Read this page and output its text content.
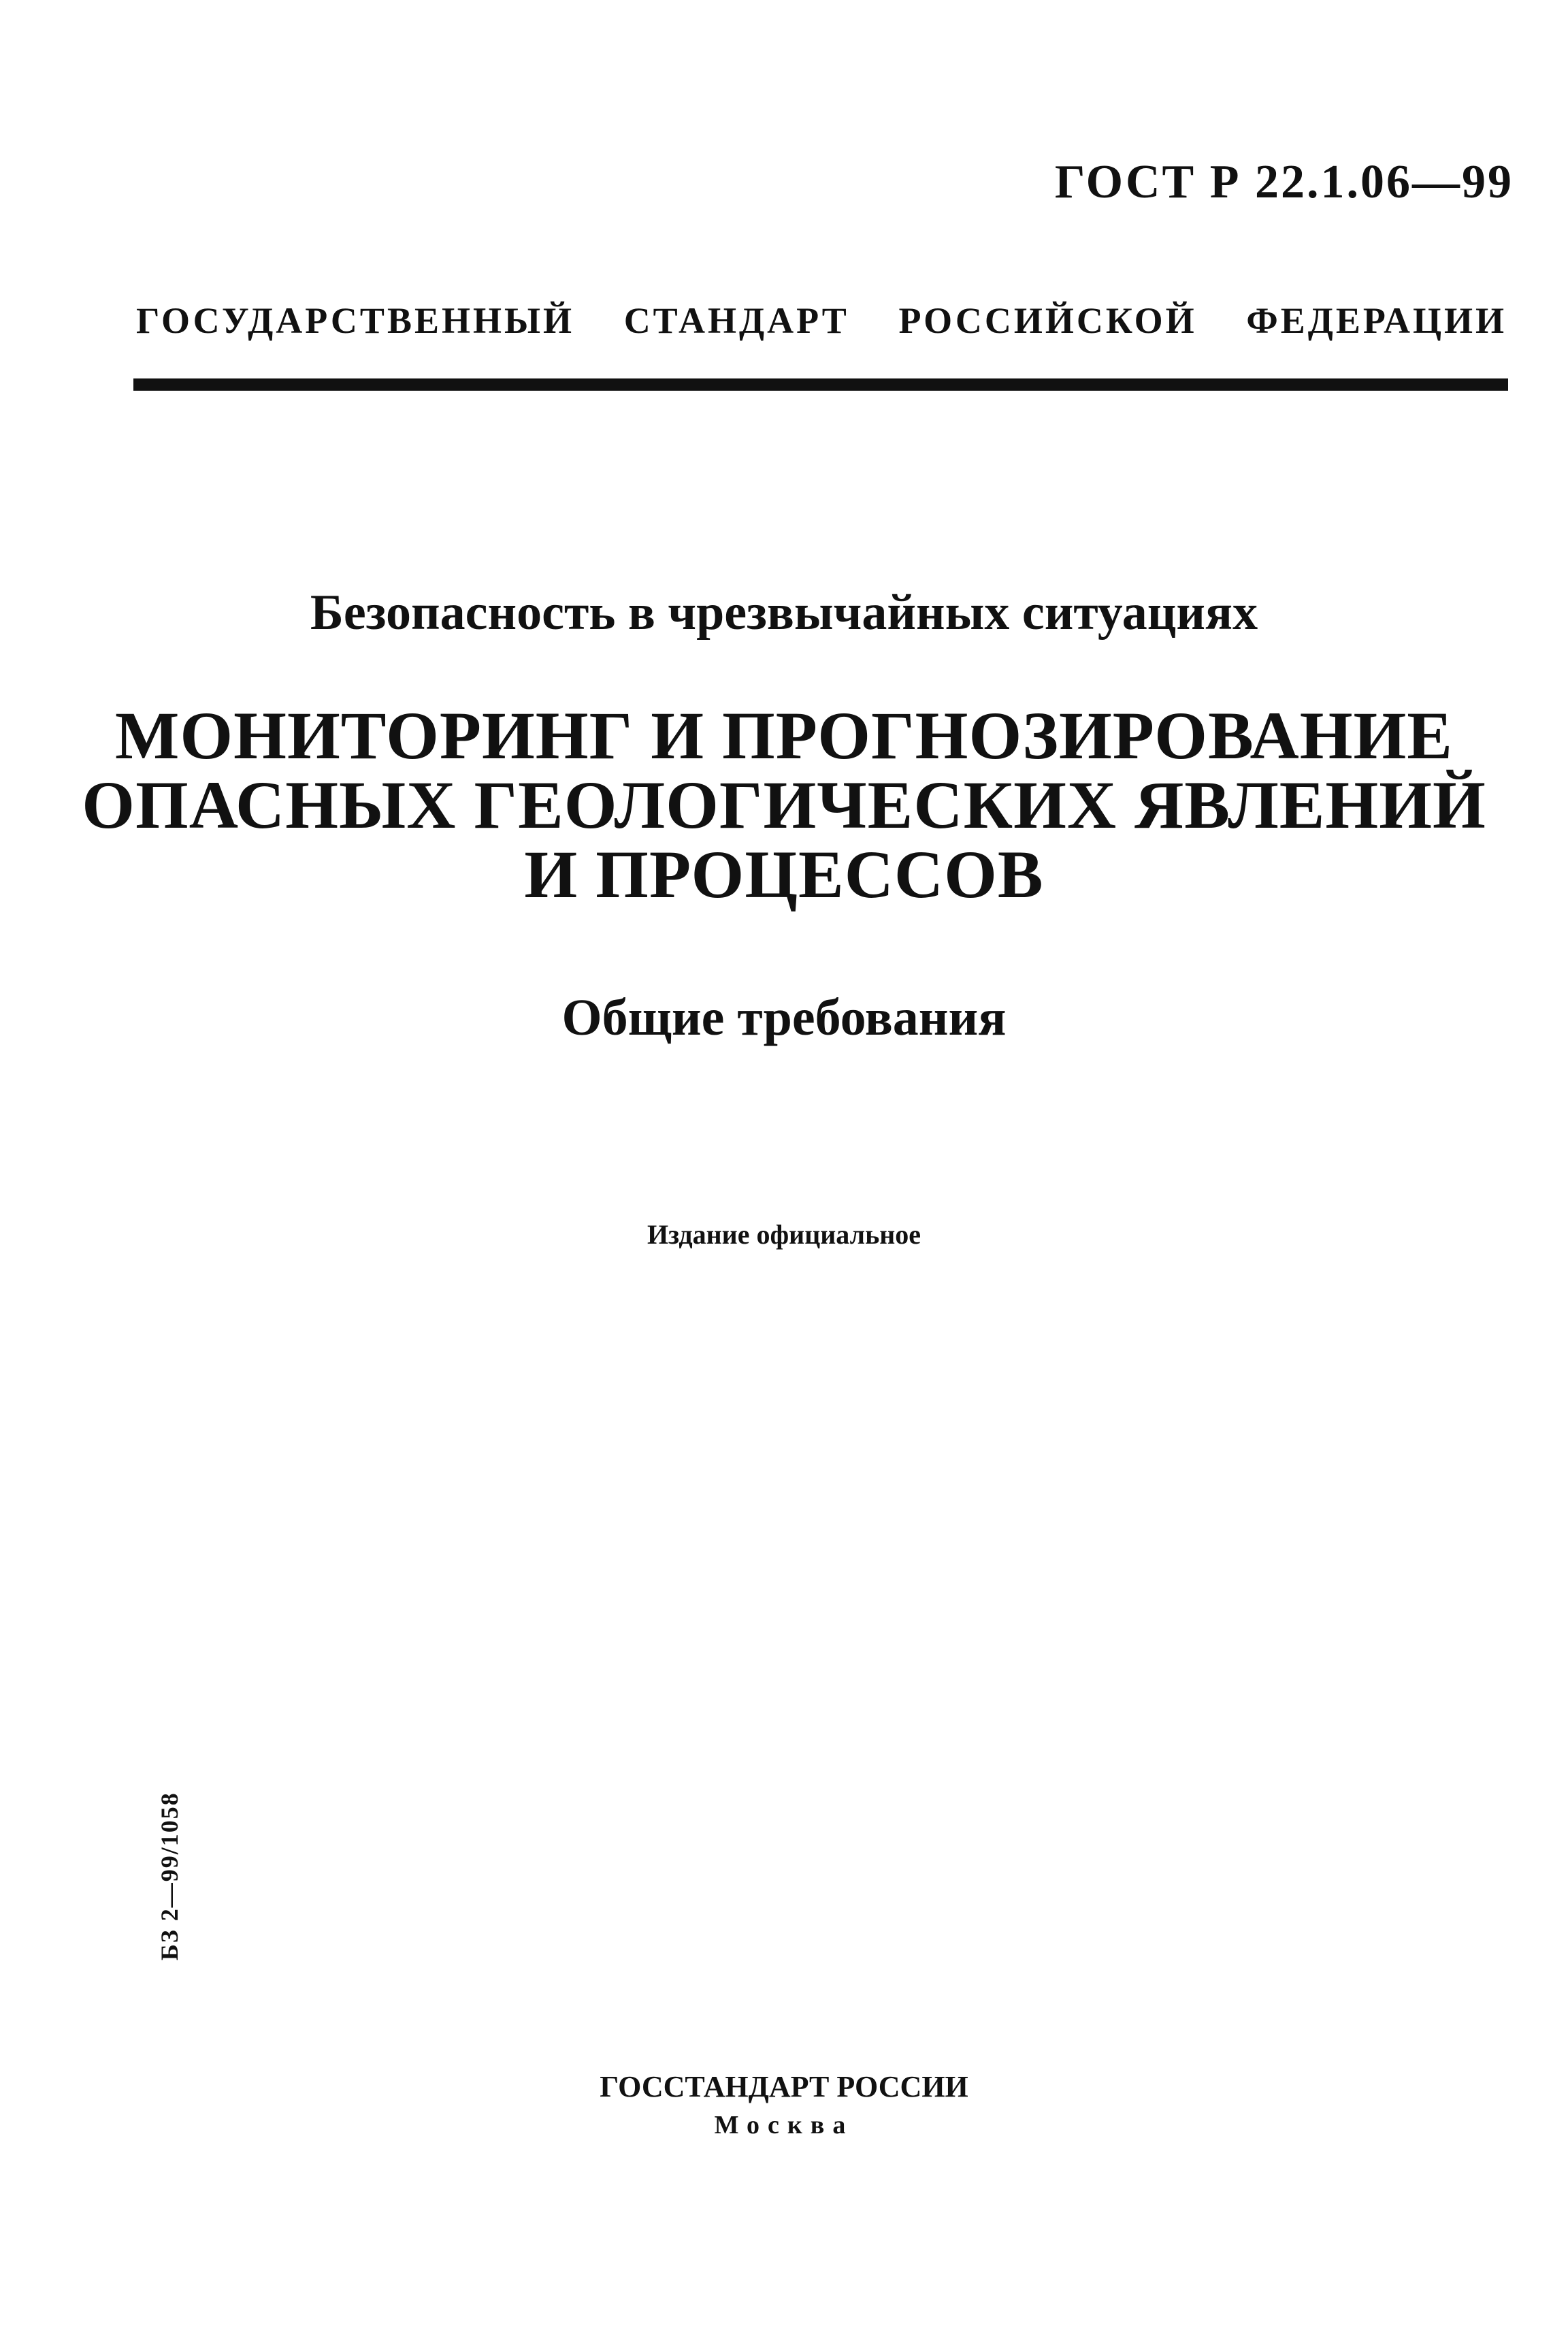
ГОСТ Р 22.1.06—99
ГОСУДАРСТВЕННЫЙ СТАНДАРТ РОССИЙСКОЙ ФЕДЕРАЦИИ
Безопасность в чрезвычайных ситуациях
МОНИТОРИНГ И ПРОГНОЗИРОВАНИЕ
ОПАСНЫХ ГЕОЛОГИЧЕСКИХ ЯВЛЕНИЙ
И ПРОЦЕССОВ
Общие требования
Издание официальное
БЗ 2—99/1058
ГОССТАНДАРТ РОССИИ
Москва
